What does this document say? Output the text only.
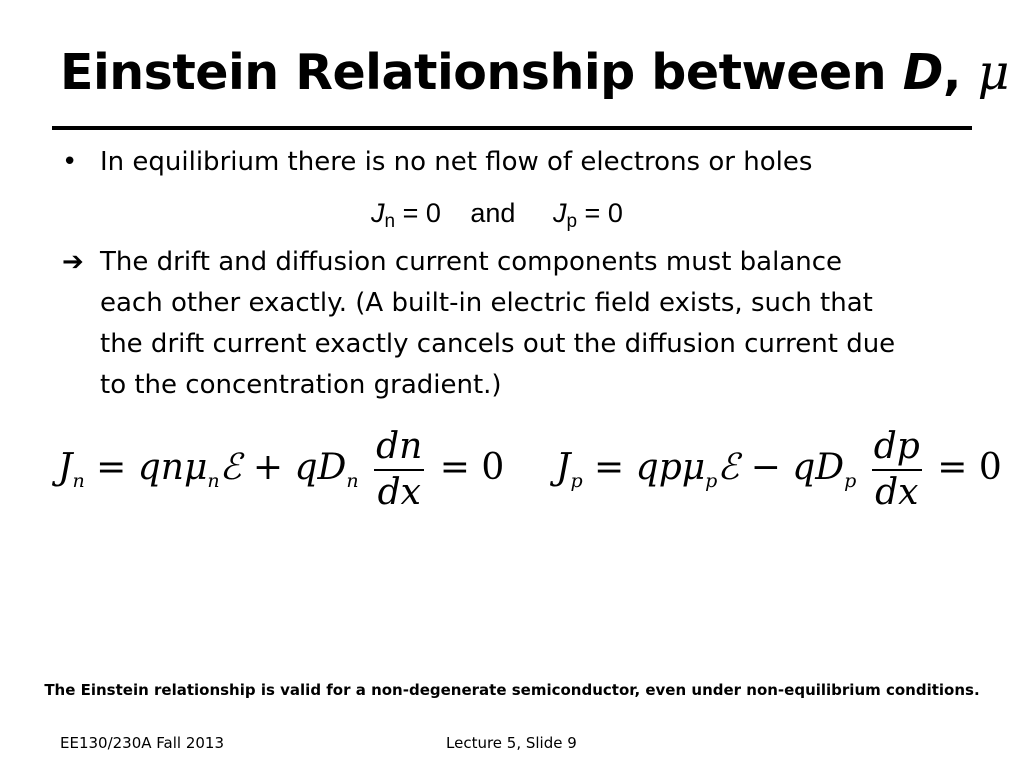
Einstein Relationship between D, μ
• In equilibrium there is no net flow of electrons or holes
$J_n = 0$ and $J_p = 0$
➔ The drift and diffusion current components must balance
each other exactly. (A built-in electric field exists, such that
the drift current exactly cancels out the diffusion current due
to the concentration gradient.)
$J_n$ = qnμ$_n$ℰ + $qD_n \frac{dn}{dx} = 0$ $J_p$ = qpμ$_p$ℰ − $qD_p \frac{dp}{dx} = 0$
The Einstein relationship is valid for a non-degenerate semiconductor, even under non-equilibrium conditions.
EE130/230A Fall 2013	Lecture 5, Slide 9
